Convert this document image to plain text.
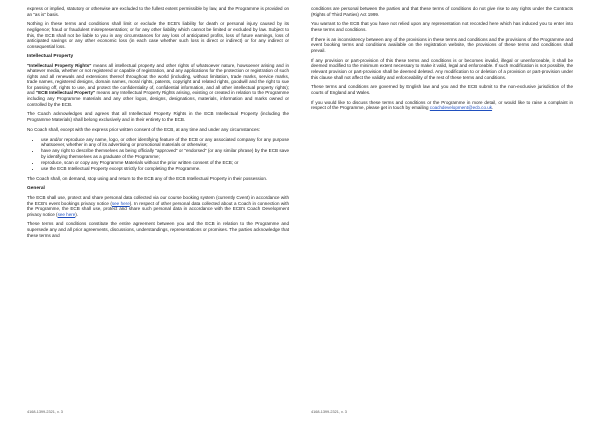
express or implied, statutory or otherwise are excluded to the fullest extent permissible by law, and the Programme is provided on an "as is" basis.

Nothing in these terms and conditions shall limit or exclude the ECB's liability for death or personal injury caused by its negligence; fraud or fraudulent misrepresentation; or for any other liability which cannot be limited or excluded by law. Subject to this, the ECB shall not be liable to you in any circumstances for any loss of anticipated profits, loss of future earnings, loss of anticipated savings or any other economic loss (in each case whether such loss is direct or indirect) or for any indirect or consequential loss.

Intellectual Property

"Intellectual Property Rights" means all intellectual property and other rights of whatsoever nature, howsoever arising and in whatever media, whether or not registered or capable of registration, and any applications for the protection or registration of such rights and all renewals and extensions thereof throughout the world (including, without limitation, trade marks, service marks, trade names, registered designs, domain names, moral rights, patents, copyright and related rights, goodwill and the right to sue for passing off, rights to use, and protect the confidentiality of, confidential information, and all other intellectual property rights); and "ECB Intellectual Property" means any Intellectual Property Rights arising, existing or created in relation to the Programme including any Programme materials and any other logos, designs, designations, materials, information and marks owned or controlled by the ECB.

The Coach acknowledges and agrees that all Intellectual Property Rights in the ECB Intellectual Property (including the Programme Materials) shall belong exclusively and in their entirety to the ECB.

No Coach shall, except with the express prior written consent of the ECB, at any time and under any circumstances:

• use and/or reproduce any name, logo, or other identifying feature of the ECB or any associated company for any purpose whatsoever, whether in any of its advertising or promotional materials or otherwise;
• have any right to describe themselves as being officially "approved" or "endorsed" (or any similar phrase) by the ECB save by identifying themselves as a graduate of the Programme;
• reproduce, scan or copy any Programme Materials without the prior written consent of the ECB; or
• use the ECB Intellectual Property except strictly for completing the Programme.

The Coach shall, on demand, stop using and return to the ECB any of the ECB Intellectual Property in their possession.

General

The ECB shall use, protect and share personal data collected via our course booking system (currently Cvent) in accordance with the ECB's event bookings privacy notice (see here). In respect of other personal data collected about a Coach in connection with the Programme, the ECB shall use, protect and share such personal data in accordance with the ECB's Coach Development privacy notice (see here).

These terms and conditions constitute the entire agreement between you and the ECB in relation to the Programme and supersede any and all prior agreements, discussions, understandings, representations or promises. The parties acknowledge that these terms and

conditions are personal between the parties and that these terms of conditions do not give rise to any rights under the Contracts (Rights of Third Parties) Act 1999.

You warrant to the ECB that you have not relied upon any representation not recorded here which has induced you to enter into these terms and conditions.

If there is an inconsistency between any of the provisions in these terms and conditions and the provisions of the Programme and event booking terms and conditions available on the registration website, the provisions of these terms and conditions shall prevail.

If any provision or part-provision of this these terms and conditions is or becomes invalid, illegal or unenforceable, it shall be deemed modified to the minimum extent necessary to make it valid, legal and enforceable. If such modification is not possible, the relevant provision or part-provision shall be deemed deleted. Any modification to or deletion of a provision or part-provision under this clause shall not affect the validity and enforceability of the rest of these terms and conditions.

These terms and conditions are governed by English law and you and the ECB submit to the non-exclusive jurisdiction of the courts of England and Wales.

If you would like to discuss these terms and conditions or the Programme in more detail, or would like to raise a complaint in respect of the Programme, please get in touch by emailing coachdevelopment@ecb.co.uk.

4168-1399-2321, v. 3	4168-1399-2321, v. 3
